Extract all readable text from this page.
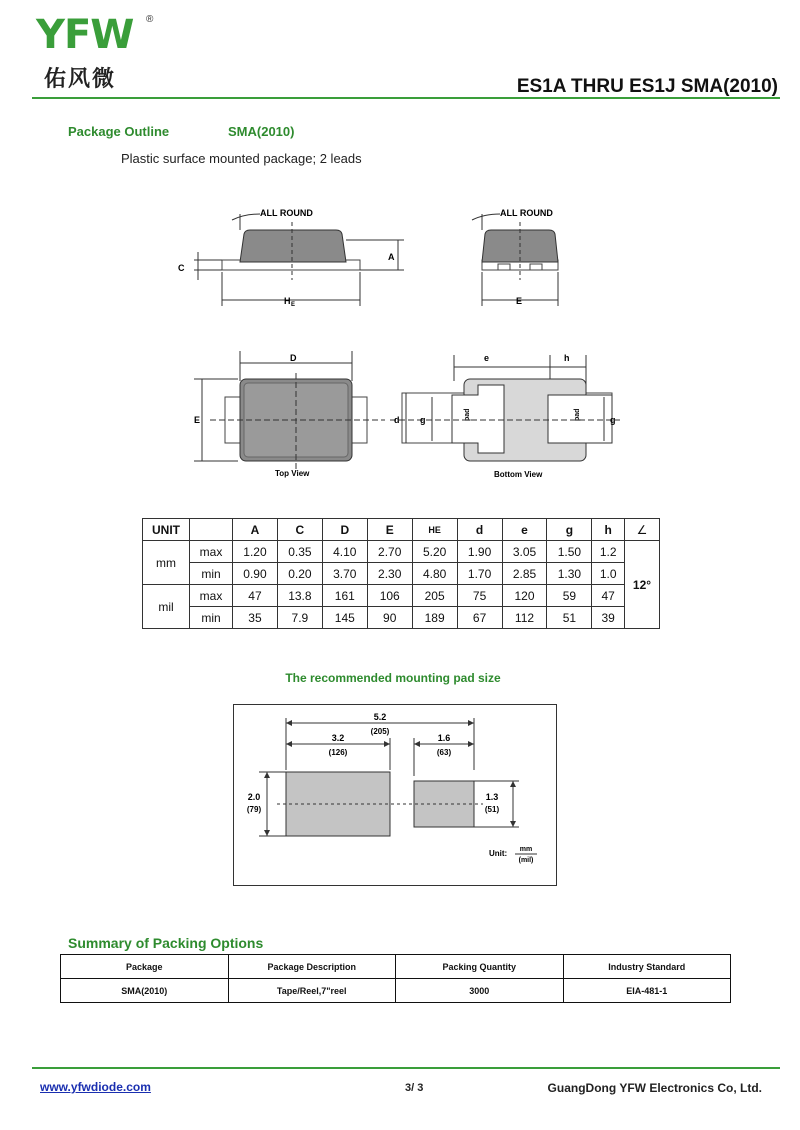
YFW ®
佑风微	ES1A THRU ES1J SMA(2010)
Package Outline	SMA(2010)
Plastic surface mounted package; 2 leads
ALL ROUND
A
C
H E
ALL ROUND
E
D
E
Top View
e	h
pad	pad
d g	g
Bottom View
UNIT		A	C	D	E	HE	d	e	g	h	∠
mm	max	1.20	0.35	4.10	2.70	5.20	1.90	3.05	1.50	1.2	12°
	min	0.90	0.20	3.70	2.30	4.80	1.70	2.85	1.30	1.0	
mil	max	47	13.8	161	106	205	75	120	59	47	
	min	35	7.9	145	90	189	67	112	51	39	
The recommended mounting pad size
5.2
(205)
3.2
(126)
1.6
(63)
2.0
(79)
1.3
(51)
Unit: mm
(mil)
Summary of Packing Options
Package	Package Description	Packing Quantity	Industry Standard
SMA(2010)	Tape/Reel,7"reel	3000	EIA-481-1
www.yfwdiode.com	3/ 3	GuangDong YFW Electronics Co, Ltd.
